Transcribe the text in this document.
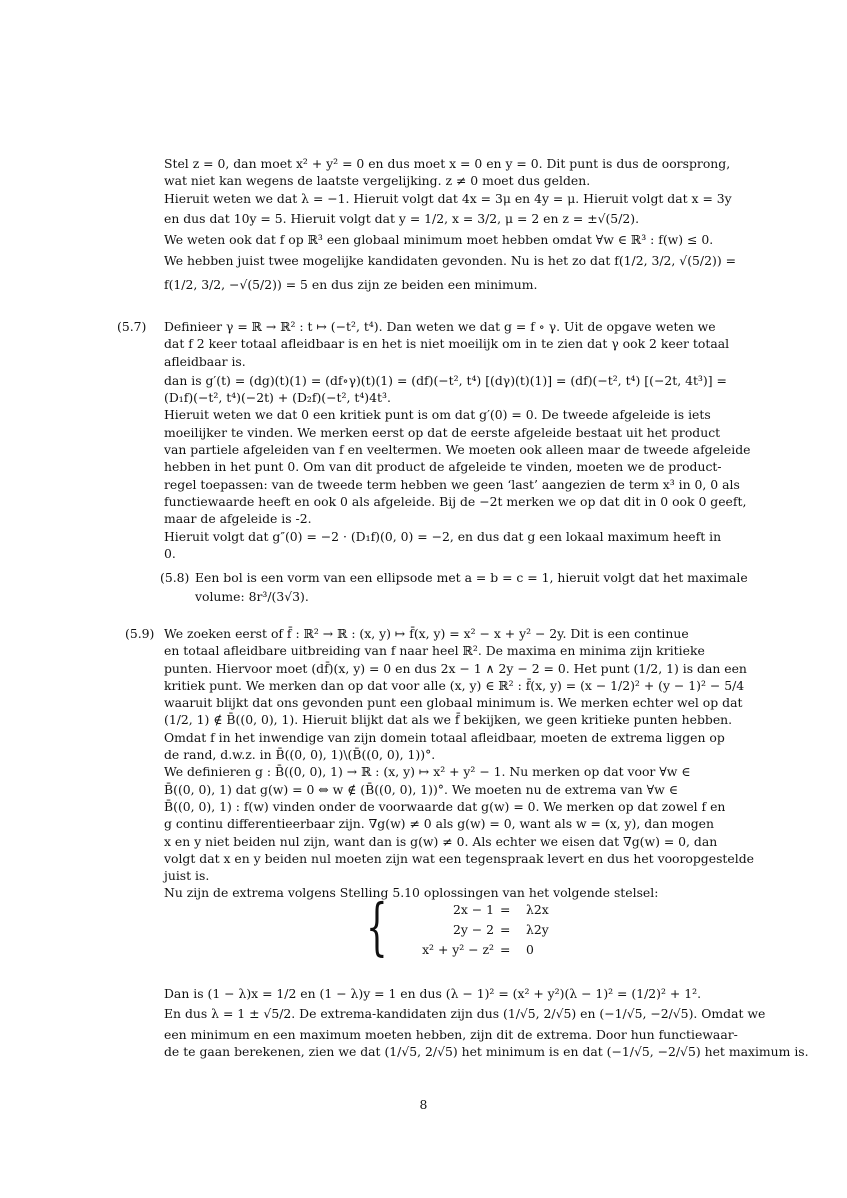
Stel z = 0, dan moet x² + y² = 0 en dus moet x = 0 en y = 0. Dit punt is dus de oorsprong,
wat niet kan wegens de laatste vergelijking. z ≠ 0 moet dus gelden.
Hieruit weten we dat λ = −1. Hieruit volgt dat 4x = 3μ en 4y = μ. Hieruit volgt dat x = 3y
en dus dat 10y = 5. Hieruit volgt dat y = 1/2, x = 3/2, μ = 2 en z = ±√(5/2).
We weten ook dat f op ℝ³ een globaal minimum moet hebben omdat ∀w ∈ ℝ³ : f(w) ≤ 0.
We hebben juist twee mogelijke kandidaten gevonden. Nu is het zo dat f(1/2, 3/2, √(5/2)) =
f(1/2, 3/2, −√(5/2)) = 5 en dus zijn ze beiden een minimum.
(5.7) Definieer γ = ℝ → ℝ² : t ↦ (−t², t⁴). Dan weten we dat g = f ∘ γ. Uit de opgave weten we
dat f 2 keer totaal afleidbaar is en het is niet moeilijk om in te zien dat γ ook 2 keer totaal
afleidbaar is.
dan is g′(t) = (dg)(t)(1) = (df∘γ)(t)(1) = (df)(−t², t⁴) [(dγ)(t)(1)] = (df)(−t², t⁴) [(−2t, 4t³)] =
(D₁f)(−t², t⁴)(−2t) + (D₂f)(−t², t⁴)4t³.
Hieruit weten we dat 0 een kritiek punt is om dat g′(0) = 0. De tweede afgeleide is iets
moeilijker te vinden. We merken eerst op dat de eerste afgeleide bestaat uit het product
van partiele afgeleiden van f en veeltermen. We moeten ook alleen maar de tweede afgeleide
hebben in het punt 0. Om van dit product de afgeleide te vinden, moeten we de product-
regel toepassen: van de tweede term hebben we geen ‘last’ aangezien de term x³ in 0, 0 als
functiewaarde heeft en ook 0 als afgeleide. Bij de −2t merken we op dat dit in 0 ook 0 geeft,
maar de afgeleide is -2.
Hieruit volgt dat g″(0) = −2 · (D₁f)(0, 0) = −2, en dus dat g een lokaal maximum heeft in
0.
(5.8) Een bol is een vorm van een ellipsode met a = b = c = 1, hieruit volgt dat het maximale
volume: 8r³/(3√3).
(5.9) We zoeken eerst of f̄ : ℝ² → ℝ : (x, y) ↦ f̄(x, y) = x² − x + y² − 2y. Dit is een continue
en totaal afleidbare uitbreiding van f naar heel ℝ². De maxima en minima zijn kritieke
punten. Hiervoor moet (df̄)(x, y) = 0 en dus 2x − 1 ∧ 2y − 2 = 0. Het punt (1/2, 1) is dan een
kritiek punt. We merken dan op dat voor alle (x, y) ∈ ℝ² : f̄(x, y) = (x − 1/2)² + (y − 1)² − 5/4
waaruit blijkt dat ons gevonden punt een globaal minimum is. We merken echter wel op dat
(1/2, 1) ∉ B̄((0, 0), 1). Hieruit blijkt dat als we f̄ bekijken, we geen kritieke punten hebben.
Omdat f in het inwendige van zijn domein totaal afleidbaar, moeten de extrema liggen op
de rand, d.w.z. in B̄((0, 0), 1)\(B̄((0, 0), 1))°.
We definieren g : B̄((0, 0), 1) → ℝ : (x, y) ↦ x² + y² − 1. Nu merken op dat voor ∀w ∈
B̄((0, 0), 1) dat g(w) = 0 ⇔ w ∉ (B̄((0, 0), 1))°. We moeten nu de extrema van ∀w ∈
B̄((0, 0), 1) : f(w) vinden onder de voorwaarde dat g(w) = 0. We merken op dat zowel f en
g continu differentieerbaar zijn. ∇g(w) ≠ 0 als g(w) = 0, want als w = (x, y), dan mogen
x en y niet beiden nul zijn, want dan is g(w) ≠ 0. Als echter we eisen dat ∇g(w) = 0, dan
volgt dat x en y beiden nul moeten zijn wat een tegenspraak levert en dus het vooropgestelde
juist is.
Nu zijn de extrema volgens Stelling 5.10 oplossingen van het volgende stelsel:
{	2x − 1 = λ2x
2y − 2 = λ2y
x² + y² − z² = 0
Dan is (1 − λ)x = 1/2 en (1 − λ)y = 1 en dus (λ − 1)² = (x² + y²)(λ − 1)² = (1/2)² + 1².
En dus λ = 1 ± √5/2. De extrema-kandidaten zijn dus (1/√5, 2/√5) en (−1/√5, −2/√5). Omdat we
een minimum en een maximum moeten hebben, zijn dit de extrema. Door hun functiewaar-
de te gaan berekenen, zien we dat (1/√5, 2/√5) het minimum is en dat (−1/√5, −2/√5) het maximum is.
8
